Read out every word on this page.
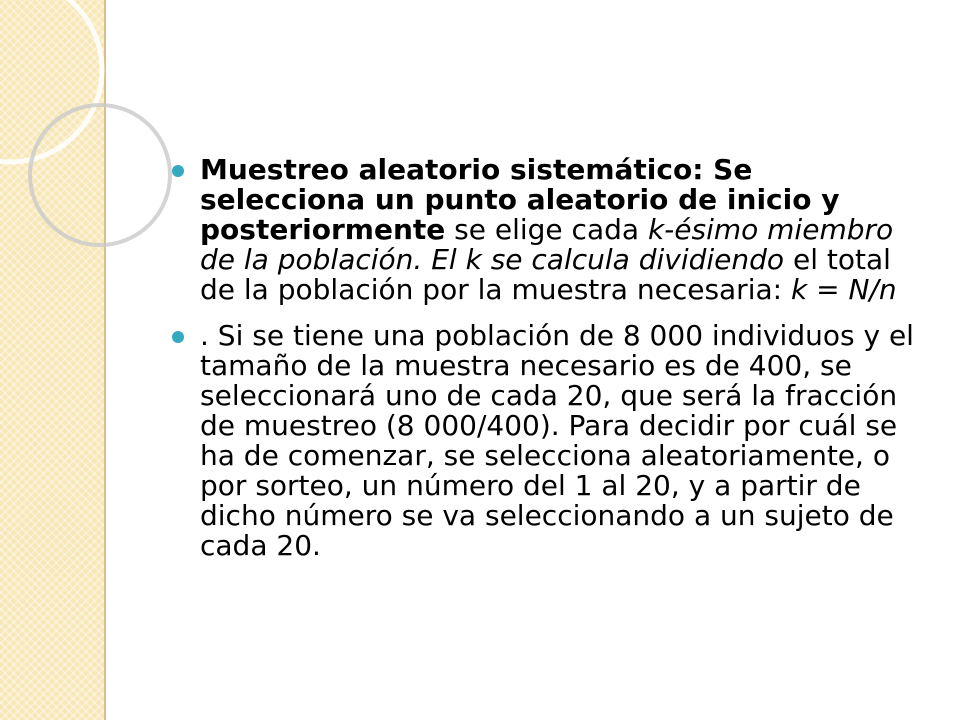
Muestreo aleatorio sistemático: Se selecciona un punto aleatorio de inicio y posteriormente se elige cada k-ésimo miembro de la población. El k se calcula dividiendo el total de la población por la muestra necesaria: k = N/n
. Si se tiene una población de 8 000 individuos y el tamaño de la muestra necesario es de 400, se seleccionará uno de cada 20, que será la fracción de muestreo (8 000/400). Para decidir por cuál se ha de comenzar, se selecciona aleatoriamente, o por sorteo, un número del 1 al 20, y a partir de dicho número se va seleccionando a un sujeto de cada 20.
